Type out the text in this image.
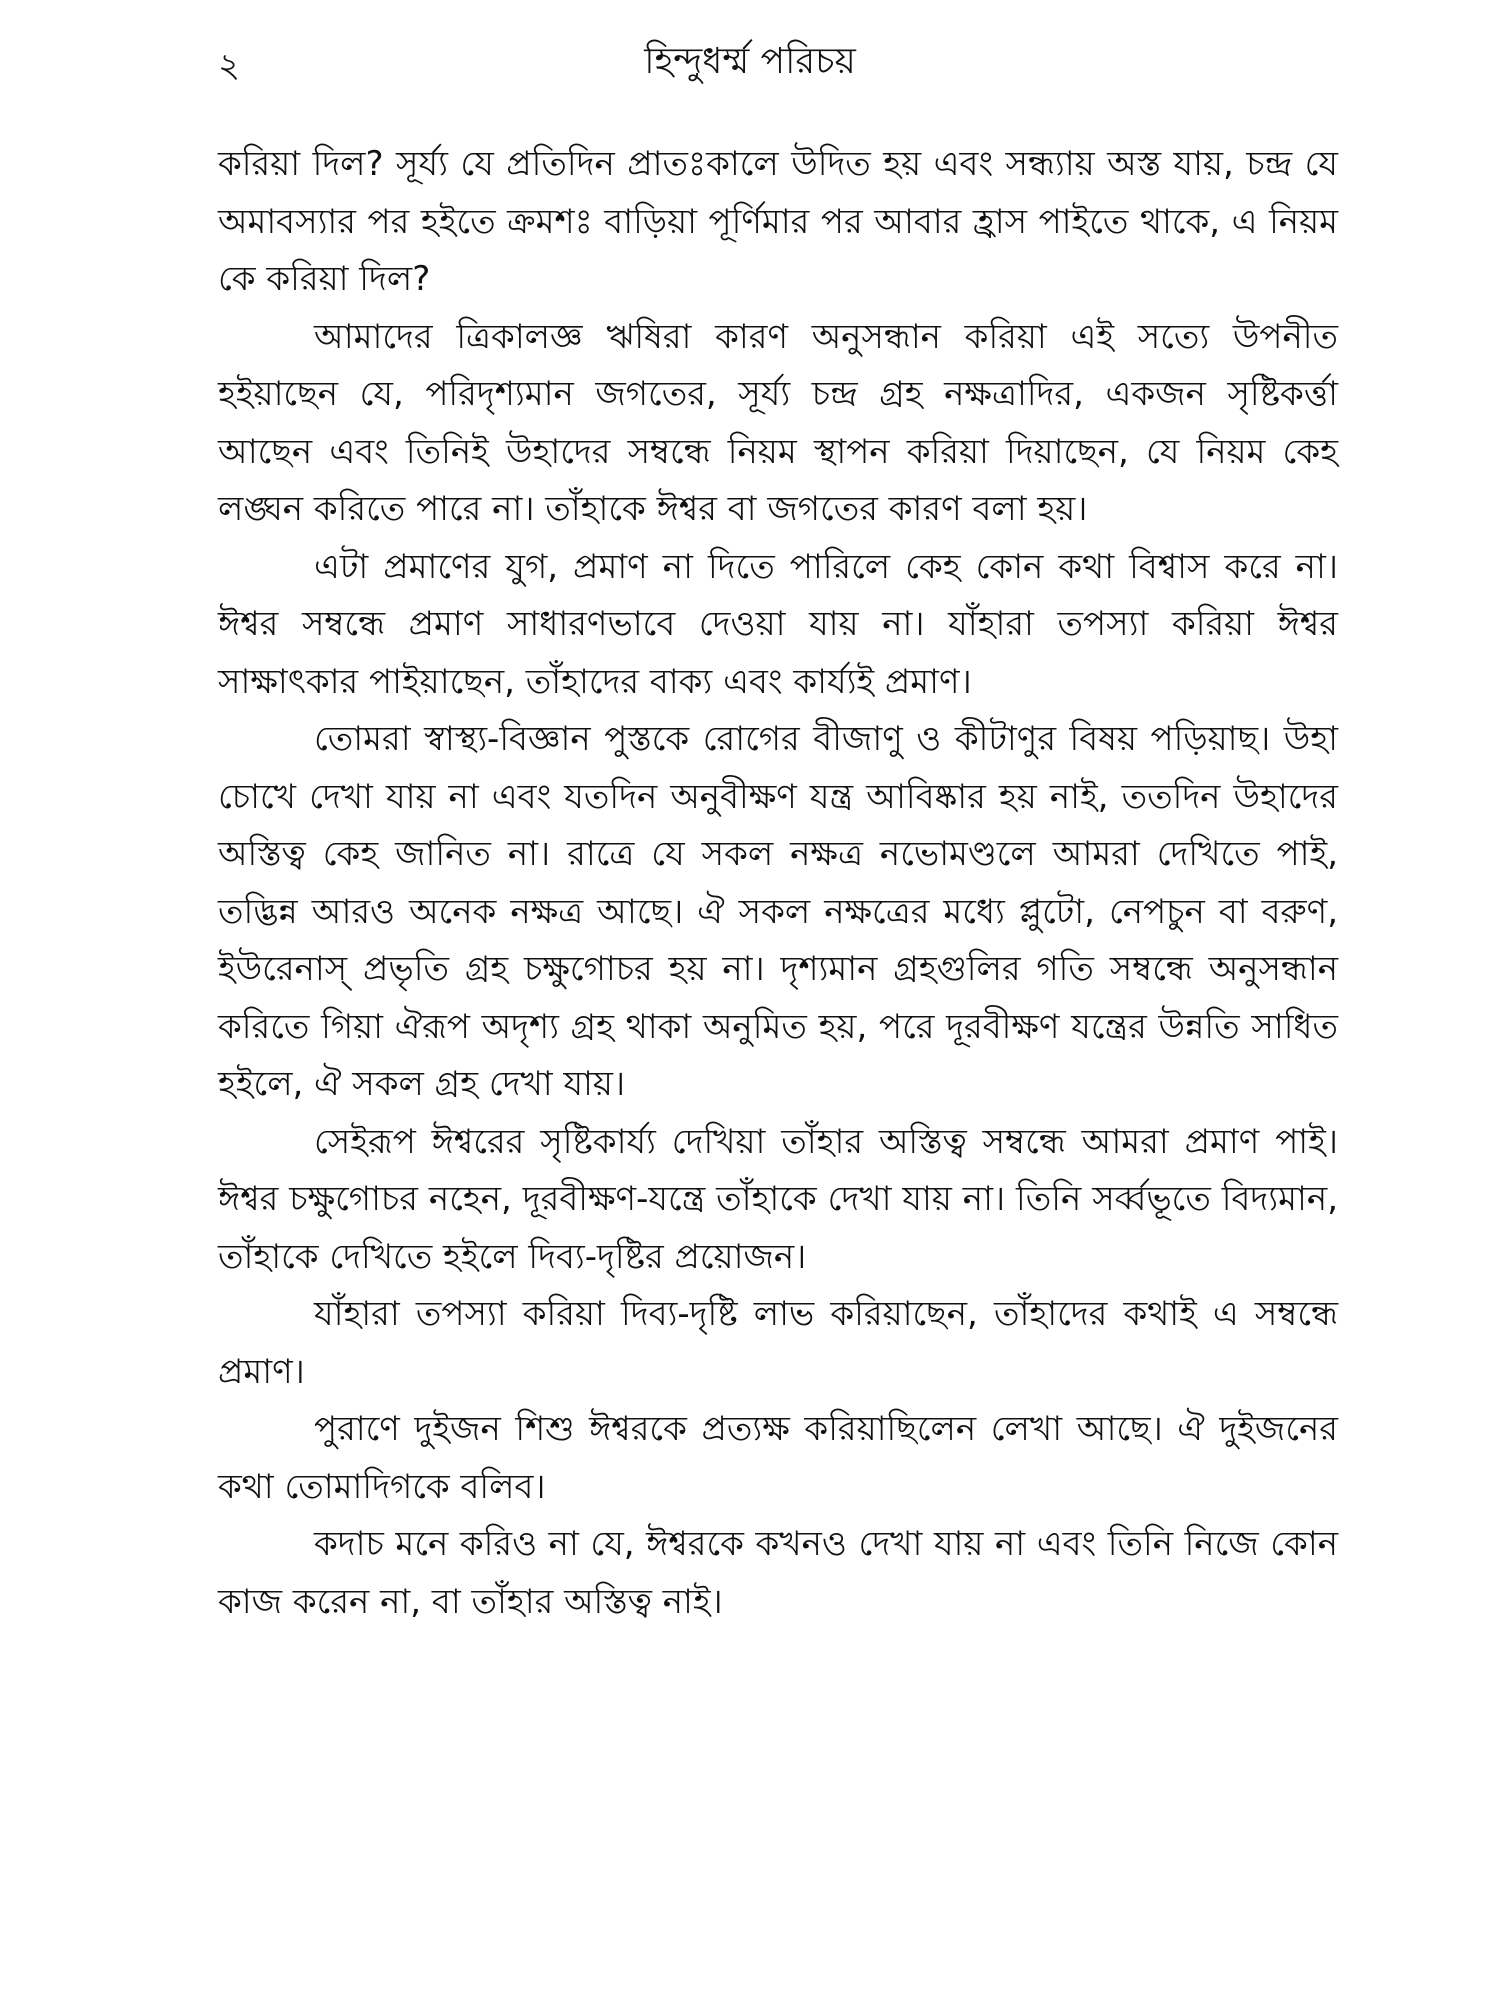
২	হিন্দুধর্ম্ম পরিচয়

করিয়া দিল? সূর্য্য যে প্রতিদিন প্রাতঃকালে উদিত হয় এবং সন্ধ্যায় অস্ত যায়, চন্দ্র যে অমাবস্যার পর হইতে ক্রমশঃ বাড়িয়া পূর্ণিমার পর আবার হ্রাস পাইতে থাকে, এ নিয়ম কে করিয়া দিল?

আমাদের ত্রিকালজ্ঞ ঋষিরা কারণ অনুসন্ধান করিয়া এই সত্যে উপনীত হইয়াছেন যে, পরিদৃশ্যমান জগতের, সূর্য্য চন্দ্র গ্রহ নক্ষত্রাদির, একজন সৃষ্টিকর্ত্তা আছেন এবং তিনিই উহাদের সম্বন্ধে নিয়ম স্থাপন করিয়া দিয়াছেন, যে নিয়ম কেহ লঙ্ঘন করিতে পারে না। তাঁহাকে ঈশ্বর বা জগতের কারণ বলা হয়।

এটা প্রমাণের যুগ, প্রমাণ না দিতে পারিলে কেহ কোন কথা বিশ্বাস করে না। ঈশ্বর সম্বন্ধে প্রমাণ সাধারণভাবে দেওয়া যায় না। যাঁহারা তপস্যা করিয়া ঈশ্বর সাক্ষাৎকার পাইয়াছেন, তাঁহাদের বাক্য এবং কার্য্যই প্রমাণ।

তোমরা স্বাস্থ্য-বিজ্ঞান পুস্তকে রোগের বীজাণু ও কীটাণুর বিষয় পড়িয়াছ। উহা চোখে দেখা যায় না এবং যতদিন অনুবীক্ষণ যন্ত্র আবিষ্কার হয় নাই, ততদিন উহাদের অস্তিত্ব কেহ জানিত না। রাত্রে যে সকল নক্ষত্র নভোমণ্ডলে আমরা দেখিতে পাই, তদ্ভিন্ন আরও অনেক নক্ষত্র আছে। ঐ সকল নক্ষত্রের মধ্যে প্লুটো, নেপচুন বা বরুণ, ইউরেনাস্ প্রভৃতি গ্রহ চক্ষুগোচর হয় না। দৃশ্যমান গ্রহগুলির গতি সম্বন্ধে অনুসন্ধান করিতে গিয়া ঐরূপ অদৃশ্য গ্রহ থাকা অনুমিত হয়, পরে দূরবীক্ষণ যন্ত্রের উন্নতি সাধিত হইলে, ঐ সকল গ্রহ দেখা যায়।

সেইরূপ ঈশ্বরের সৃষ্টিকার্য্য দেখিয়া তাঁহার অস্তিত্ব সম্বন্ধে আমরা প্রমাণ পাই। ঈশ্বর চক্ষুগোচর নহেন, দূরবীক্ষণ-যন্ত্রে তাঁহাকে দেখা যায় না। তিনি সর্ব্বভূতে বিদ্যমান, তাঁহাকে দেখিতে হইলে দিব্য-দৃষ্টির প্রয়োজন।

যাঁহারা তপস্যা করিয়া দিব্য-দৃষ্টি লাভ করিয়াছেন, তাঁহাদের কথাই এ সম্বন্ধে প্রমাণ।

পুরাণে দুইজন শিশু ঈশ্বরকে প্রত্যক্ষ করিয়াছিলেন লেখা আছে। ঐ দুইজনের কথা তোমাদিগকে বলিব।

কদাচ মনে করিও না যে, ঈশ্বরকে কখনও দেখা যায় না এবং তিনি নিজে কোন কাজ করেন না, বা তাঁহার অস্তিত্ব নাই।
